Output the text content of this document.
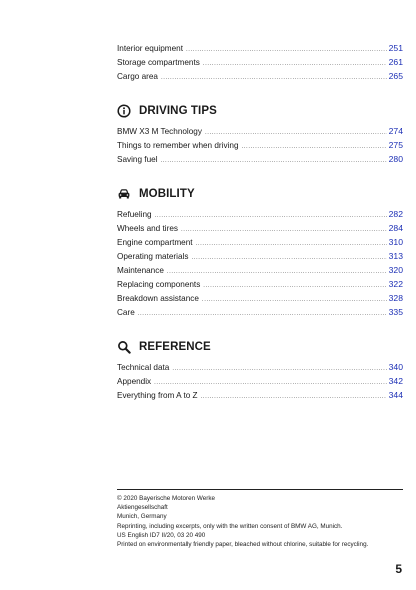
Interior equipment .....	251
Storage compartments .....	261
Cargo area .....	265
DRIVING TIPS
BMW X3 M Technology .....	274
Things to remember when driving .....	275
Saving fuel .....	280
MOBILITY
Refueling .....	282
Wheels and tires .....	284
Engine compartment .....	310
Operating materials .....	313
Maintenance .....	320
Replacing components .....	322
Breakdown assistance .....	328
Care .....	335
REFERENCE
Technical data .....	340
Appendix .....	342
Everything from A to Z .....	344
© 2020 Bayerische Motoren Werke
Aktiengesellschaft
Munich, Germany
Reprinting, including excerpts, only with the written consent of BMW AG, Munich.
US English ID7 II/20, 03 20 490
Printed on environmentally friendly paper, bleached without chlorine, suitable for recycling.
5
